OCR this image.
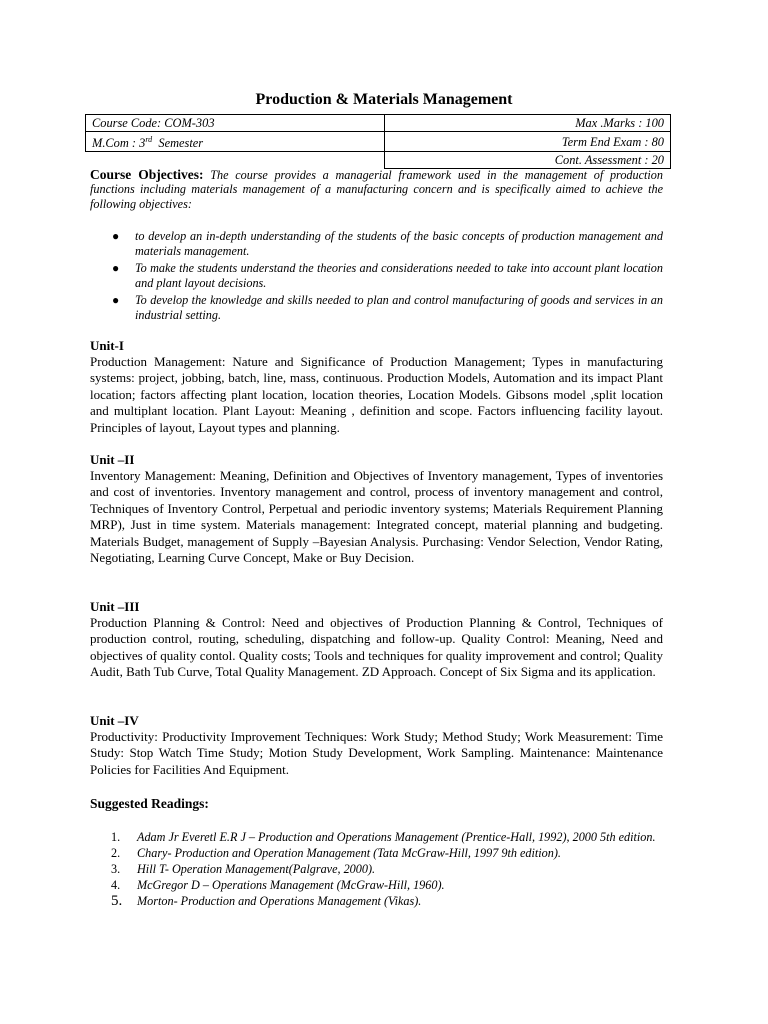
Production & Materials Management
Course Code: COM-303	Max .Marks : 100
M.Com : 3rd  Semester	Term End Exam : 80
	Cont. Assessment : 20
Course Objectives: The course provides a managerial framework used in the management of production functions including materials management of a manufacturing concern and is specifically aimed to achieve the following objectives:
● to develop an in-depth understanding of the students of the basic concepts of production management and materials management.
● To make the students understand the theories and considerations needed to take into account plant location and plant layout decisions.
● To develop the knowledge and skills needed to plan and control manufacturing of goods and services in an industrial setting.
Unit-I
Production Management: Nature and Significance of Production Management; Types in manufacturing systems: project, jobbing, batch, line, mass, continuous. Production Models, Automation and its impact Plant location; factors affecting plant location, location theories, Location Models. Gibsons model ,split location and multiplant location. Plant Layout: Meaning , definition and scope. Factors influencing facility layout. Principles of layout, Layout types and planning.
Unit –II
Inventory Management: Meaning, Definition and Objectives of Inventory management, Types of inventories and cost of inventories. Inventory management and control, process of inventory management and control, Techniques of Inventory Control, Perpetual and periodic inventory systems; Materials Requirement Planning MRP), Just in time system. Materials management: Integrated concept, material planning and budgeting. Materials Budget, management of Supply –Bayesian Analysis. Purchasing: Vendor Selection, Vendor Rating, Negotiating, Learning Curve Concept, Make or Buy Decision.
Unit –III
Production Planning & Control: Need and objectives of Production Planning & Control, Techniques of production control, routing, scheduling, dispatching and follow-up. Quality Control: Meaning, Need and objectives of quality contol. Quality costs; Tools and techniques for quality improvement and control; Quality Audit, Bath Tub Curve, Total Quality Management. ZD Approach. Concept of Six Sigma and its application.
Unit –IV
Productivity: Productivity Improvement Techniques: Work Study; Method Study; Work Measurement: Time Study: Stop Watch Time Study; Motion Study Development, Work Sampling. Maintenance: Maintenance Policies for Facilities And Equipment.
Suggested Readings:
1. Adam Jr Everetl E.R J – Production and Operations Management (Prentice-Hall, 1992), 2000 5th edition.
2. Chary- Production and Operation Management (Tata McGraw-Hill, 1997 9th edition).
3. Hill T- Operation Management(Palgrave, 2000).
4. McGregor D – Operations Management (McGraw-Hill, 1960).
5. Morton- Production and Operations Management (Vikas).
